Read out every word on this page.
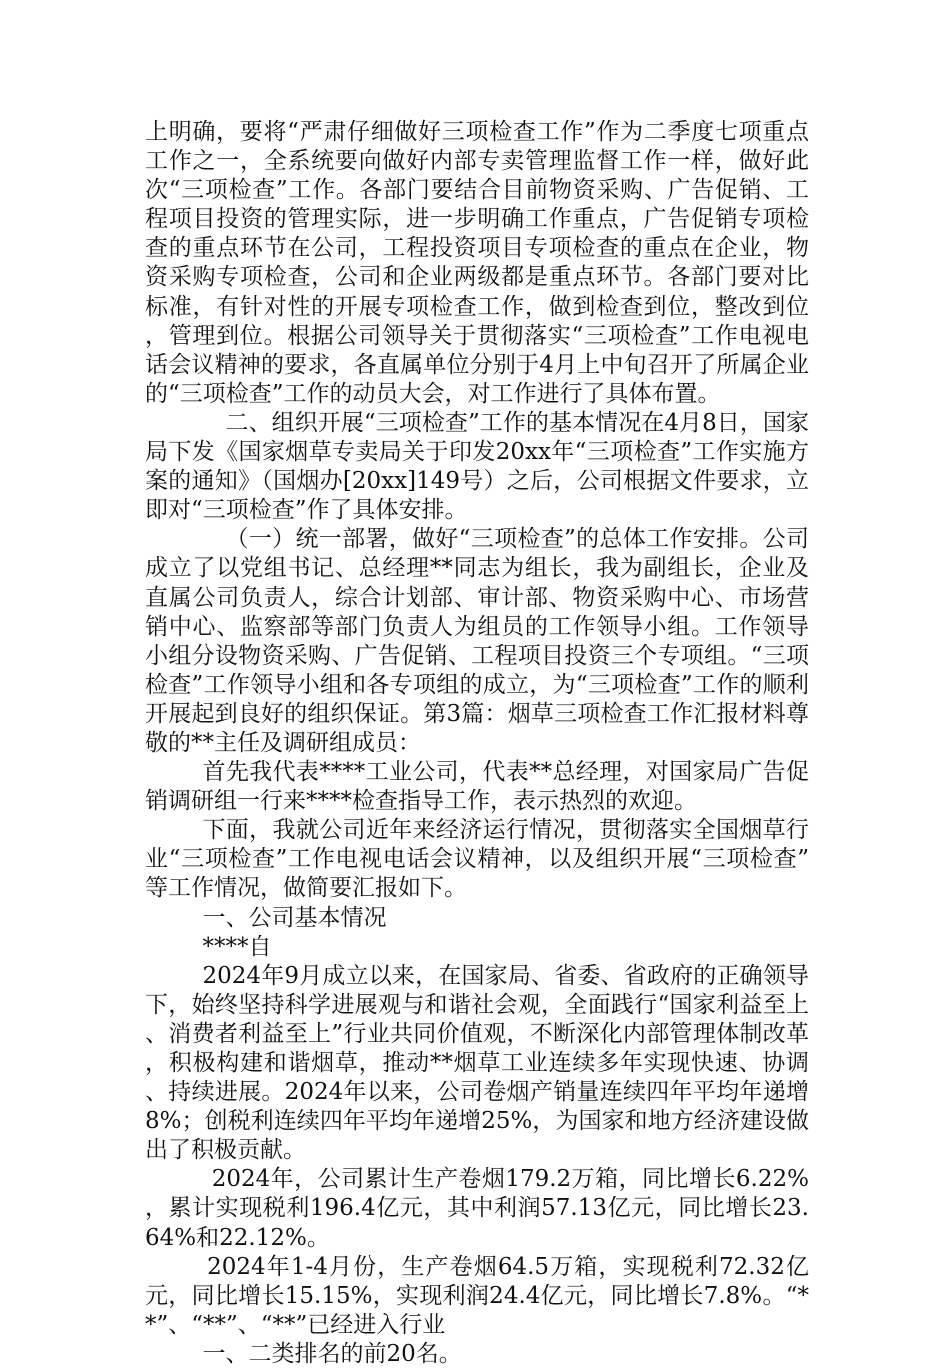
上明确，要将“严肃仔细做好三项检查工作”作为二季度七项重点工作之一，全系统要向做好内部专卖管理监督工作一样，做好此次“三项检查”工作。各部门要结合目前物资采购、广告促销、工程项目投资的管理实际，进一步明确工作重点，广告促销专项检查的重点环节在公司，工程投资项目专项检查的重点在企业，物资采购专项检查，公司和企业两级都是重点环节。各部门要对比标准，有针对性的开展专项检查工作，做到检查到位，整改到位，管理到位。根据公司领导关于贯彻落实“三项检查”工作电视电话会议精神的要求，各直属单位分别于4月上中旬召开了所属企业的“三项检查”工作的动员大会，对工作进行了具体布置。

二、组织开展“三项检查”工作的基本情况在4月8日，国家局下发《国家烟草专卖局关于印发20xx年“三项检查”工作实施方案的通知》（国烟办[20xx]149号）之后，公司根据文件要求，立即对“三项检查”作了具体安排。

（一）统一部署，做好“三项检查”的总体工作安排。公司成立了以党组书记、总经理**同志为组长，我为副组长，企业及直属公司负责人，综合计划部、审计部、物资采购中心、市场营销中心、监察部等部门负责人为组员的工作领导小组。工作领导小组分设物资采购、广告促销、工程项目投资三个专项组。“三项检查”工作领导小组和各专项组的成立，为“三项检查”工作的顺利开展起到良好的组织保证。第3篇：烟草三项检查工作汇报材料尊敬的**主任及调研组成员：

首先我代表****工业公司，代表**总经理，对国家局广告促销调研组一行来****检查指导工作，表示热烈的欢迎。

下面，我就公司近年来经济运行情况，贯彻落实全国烟草行业“三项检查”工作电视电话会议精神，以及组织开展“三项检查”等工作情况，做简要汇报如下。

一、公司基本情况

****自

2024年9月成立以来，在国家局、省委、省政府的正确领导下，始终坚持科学进展观与和谐社会观，全面践行“国家利益至上、消费者利益至上”行业共同价值观，不断深化内部管理体制改革，积极构建和谐烟草，推动**烟草工业连续多年实现快速、协调、持续进展。2024年以来，公司卷烟产销量连续四年平均年递增8%；创税利连续四年平均年递增25%，为国家和地方经济建设做出了积极贡献。

2024年，公司累计生产卷烟179.2万箱，同比增长6.22%，累计实现税利196.4亿元，其中利润57.13亿元，同比增长23.64%和22.12%。

2024年1-4月份，生产卷烟64.5万箱，实现税利72.32亿元，同比增长15.15%，实现利润24.4亿元，同比增长7.8%。“**”、“**”、“**”已经进入行业

一、二类排名的前20名。
